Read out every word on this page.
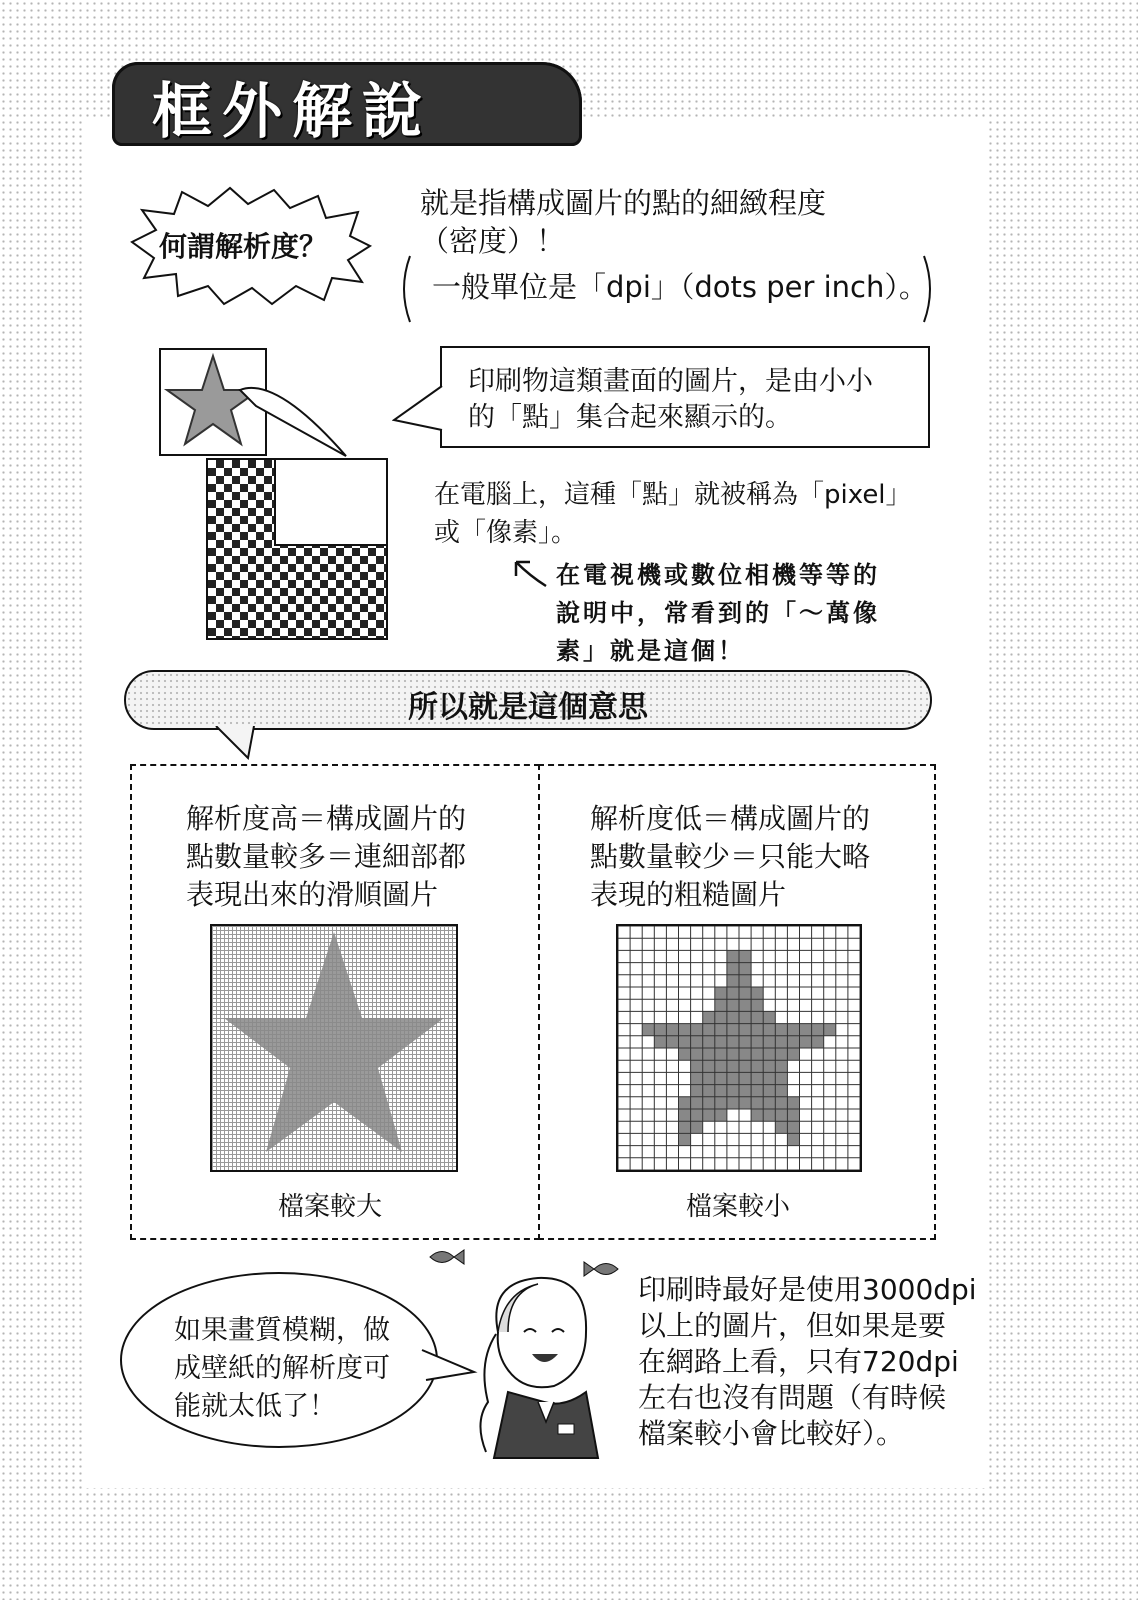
框外解說
何謂解析度？
就是指構成圖片的點的細緻程度
（密度）！
一般單位是「dpi」（dots per inch）。
印刷物這類畫面的圖片，是由小小
的「點」集合起來顯示的。
在電腦上，這種「點」就被稱為「pixel」
或「像素」。
在電視機或數位相機等等的
說明中，常看到的「～萬像
素」就是這個！
所以就是這個意思
解析度高＝構成圖片的
點數量較多＝連細部都
表現出來的滑順圖片
解析度低＝構成圖片的
點數量較少＝只能大略
表現的粗糙圖片
檔案較大	檔案較小
如果畫質模糊，做
成壁紙的解析度可
能就太低了！
印刷時最好是使用3000dpi
以上的圖片，但如果是要
在網路上看，只有720dpi
左右也沒有問題（有時候
檔案較小會比較好）。
